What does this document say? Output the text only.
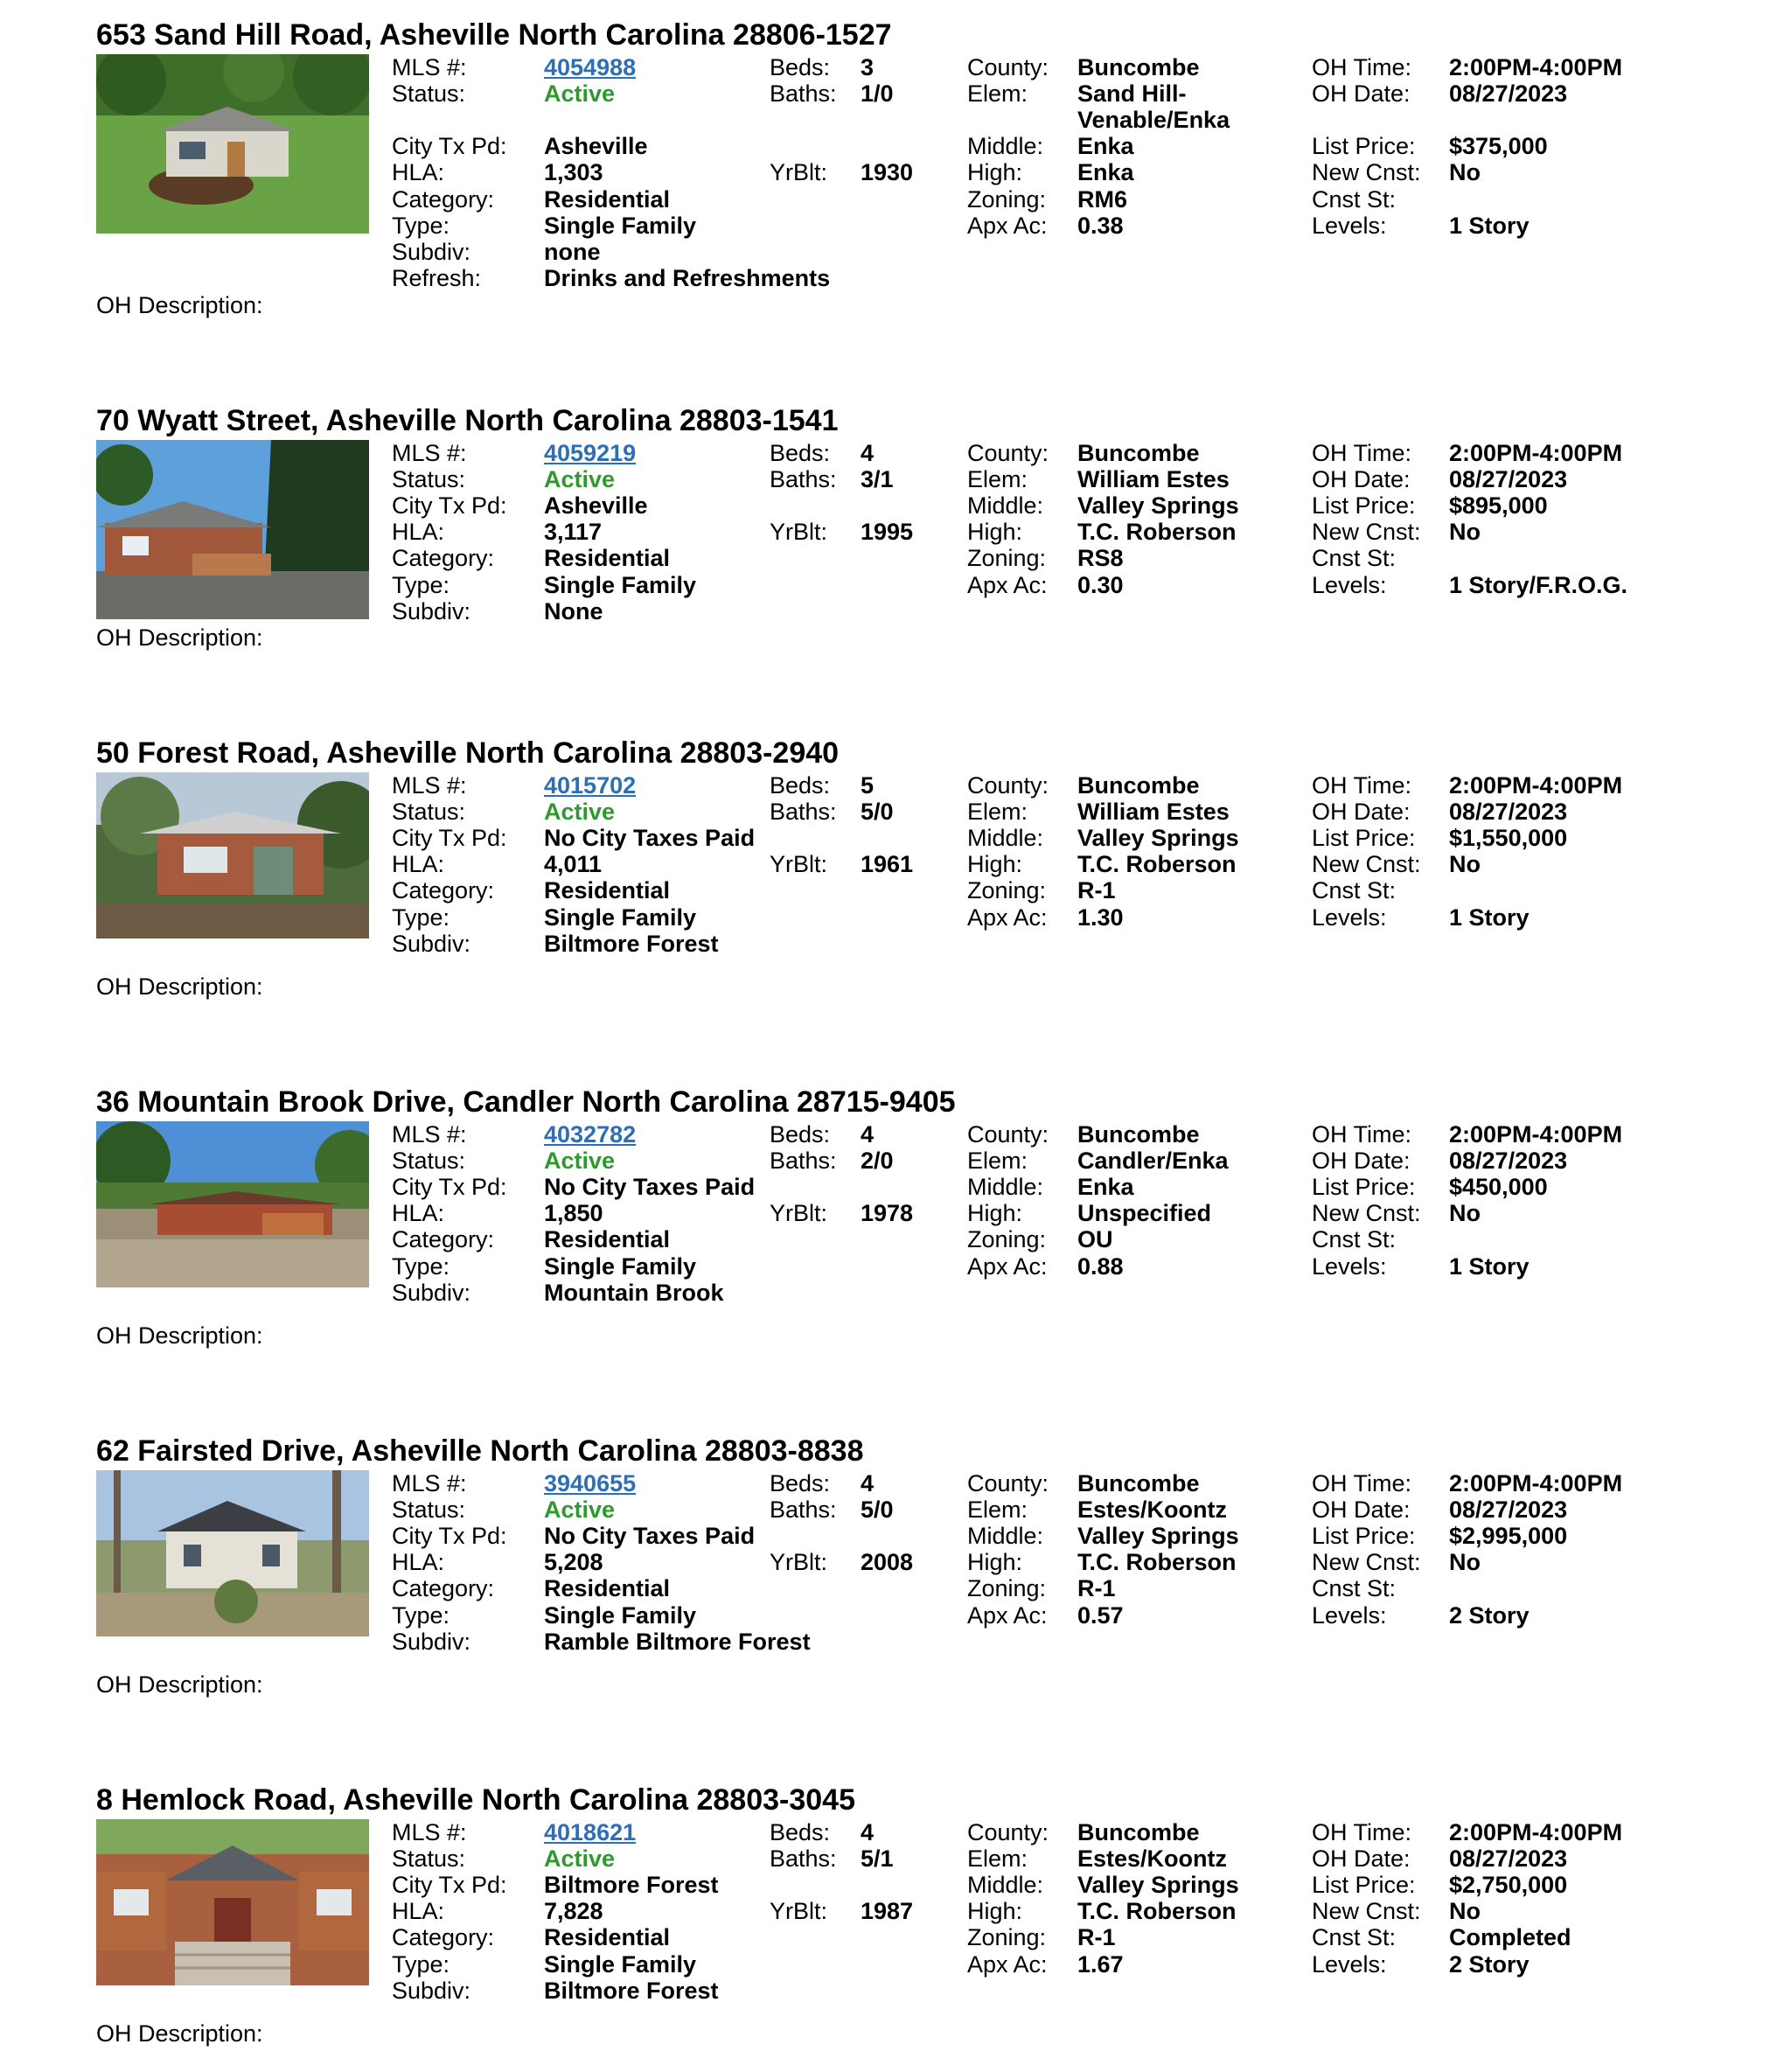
653 Sand Hill Road, Asheville North Carolina 28806-1527
MLS #:	4054988
Status:	Active
City Tx Pd: Asheville
HLA:	1,303
Category: Residential
Type:	Single Family
Subdiv:	none
Refresh:	Drinks and Refreshments
Beds: 3
Baths: 1/0
YrBlt: 1930
County: Buncombe
Elem: Sand Hill-
Venable/Enka
Middle: Enka
High: Enka
Zoning: RM6
Apx Ac: 0.38
OH Time: 2:00PM-4:00PM
OH Date: 08/27/2023
List Price: $375,000
New Cnst: No
Cnst St:
Levels:	1 Story
OH Description:
70 Wyatt Street, Asheville North Carolina 28803-1541
MLS #:	4059219
Status:	Active
City Tx Pd: Asheville
HLA:	3,117
Category: Residential
Type:	Single Family
Subdiv:	None
Beds: 4
Baths: 3/1
YrBlt: 1995
County: Buncombe
Elem: William Estes
Middle: Valley Springs
High: T.C. Roberson
Zoning: RS8
Apx Ac: 0.30
OH Time: 2:00PM-4:00PM
OH Date: 08/27/2023
List Price: $895,000
New Cnst: No
Cnst St:
Levels:	1 Story/F.R.O.G.
OH Description:
50 Forest Road, Asheville North Carolina 28803-2940
MLS #:	4015702
Status:	Active
City Tx Pd: No City Taxes Paid
HLA:	4,011
Category: Residential
Type:	Single Family
Subdiv:	Biltmore Forest
Beds: 5
Baths: 5/0
YrBlt: 1961
County: Buncombe
Elem: William Estes
Middle: Valley Springs
High: T.C. Roberson
Zoning: R-1
Apx Ac: 1.30
OH Time: 2:00PM-4:00PM
OH Date: 08/27/2023
List Price: $1,550,000
New Cnst: No
Cnst St:
Levels:	1 Story
OH Description:
36 Mountain Brook Drive, Candler North Carolina 28715-9405
MLS #:	4032782
Status:	Active
City Tx Pd: No City Taxes Paid
HLA:	1,850
Category: Residential
Type:	Single Family
Subdiv:	Mountain Brook
Beds: 4
Baths: 2/0
YrBlt: 1978
County: Buncombe
Elem: Candler/Enka
Middle: Enka
High: Unspecified
Zoning: OU
Apx Ac: 0.88
OH Time: 2:00PM-4:00PM
OH Date: 08/27/2023
List Price: $450,000
New Cnst: No
Cnst St:
Levels:	1 Story
OH Description:
62 Fairsted Drive, Asheville North Carolina 28803-8838
MLS #:	3940655
Status:	Active
City Tx Pd: No City Taxes Paid
HLA:	5,208
Category: Residential
Type:	Single Family
Subdiv:	Ramble Biltmore Forest
Beds: 4
Baths: 5/0
YrBlt: 2008
County: Buncombe
Elem: Estes/Koontz
Middle: Valley Springs
High: T.C. Roberson
Zoning: R-1
Apx Ac: 0.57
OH Time: 2:00PM-4:00PM
OH Date: 08/27/2023
List Price: $2,995,000
New Cnst: No
Cnst St:
Levels:	2 Story
OH Description:
8 Hemlock Road, Asheville North Carolina 28803-3045
MLS #:	4018621
Status:	Active
City Tx Pd: Biltmore Forest
HLA:	7,828
Category: Residential
Type:	Single Family
Subdiv:	Biltmore Forest
Beds: 4
Baths: 5/1
YrBlt: 1987
County: Buncombe
Elem: Estes/Koontz
Middle: Valley Springs
High: T.C. Roberson
Zoning: R-1
Apx Ac: 1.67
OH Time: 2:00PM-4:00PM
OH Date: 08/27/2023
List Price: $2,750,000
New Cnst: No
Cnst St: Completed
Levels:	2 Story
OH Description:
